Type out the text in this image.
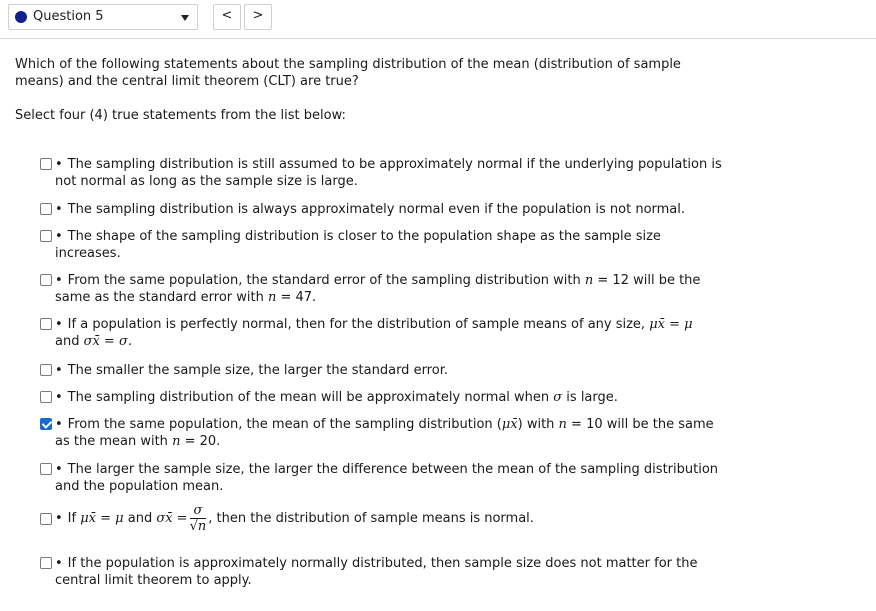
Question 5	<	>
Which of the following statements about the sampling distribution of the mean (distribution of sample means) and the central limit theorem (CLT) are true?
Select four (4) true statements from the list below:
• The sampling distribution is still assumed to be approximately normal if the underlying population is not normal as long as the sample size is large.
• The sampling distribution is always approximately normal even if the population is not normal.
• The shape of the sampling distribution is closer to the population shape as the sample size increases.
• From the same population, the standard error of the sampling distribution with n = 12 will be the same as the standard error with n = 47.
• If a population is perfectly normal, then for the distribution of sample means of any size, μx̄ = μ
and σx̄ = σ.
• The smaller the sample size, the larger the standard error.
• The sampling distribution of the mean will be approximately normal when σ is large.
• From the same population, the mean of the sampling distribution (μx̄) with n = 10 will be the same as the mean with n = 20.
• The larger the sample size, the larger the difference between the mean of the sampling distribution and the population mean.
• If μx̄ = μ and σx̄ = $\frac{\sigma}{√n}$ , then the distribution of sample means is normal.
• If the population is approximately normally distributed, then sample size does not matter for the central limit theorem to apply.
